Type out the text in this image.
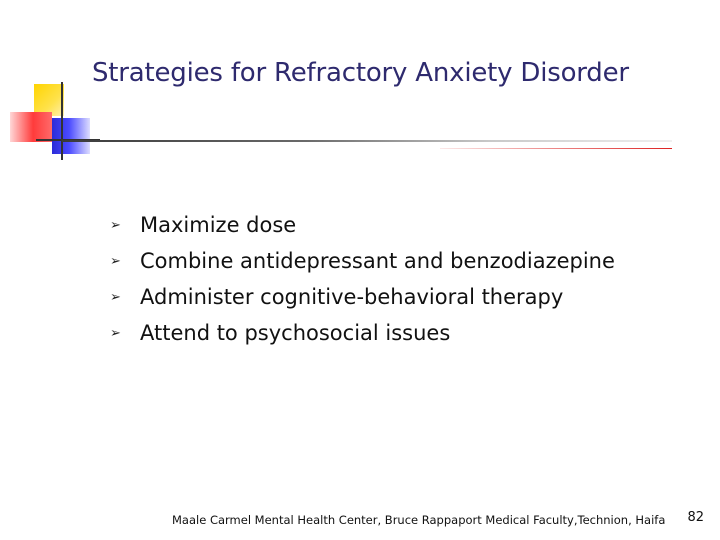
Strategies for Refractory Anxiety Disorder
➢ Maximize dose
➢ Combine antidepressant and benzodiazepine
➢ Administer cognitive-behavioral therapy
➢ Attend to psychosocial issues
Maale Carmel Mental Health Center, Bruce Rappaport Medical Faculty,Technion, Haifa 82
